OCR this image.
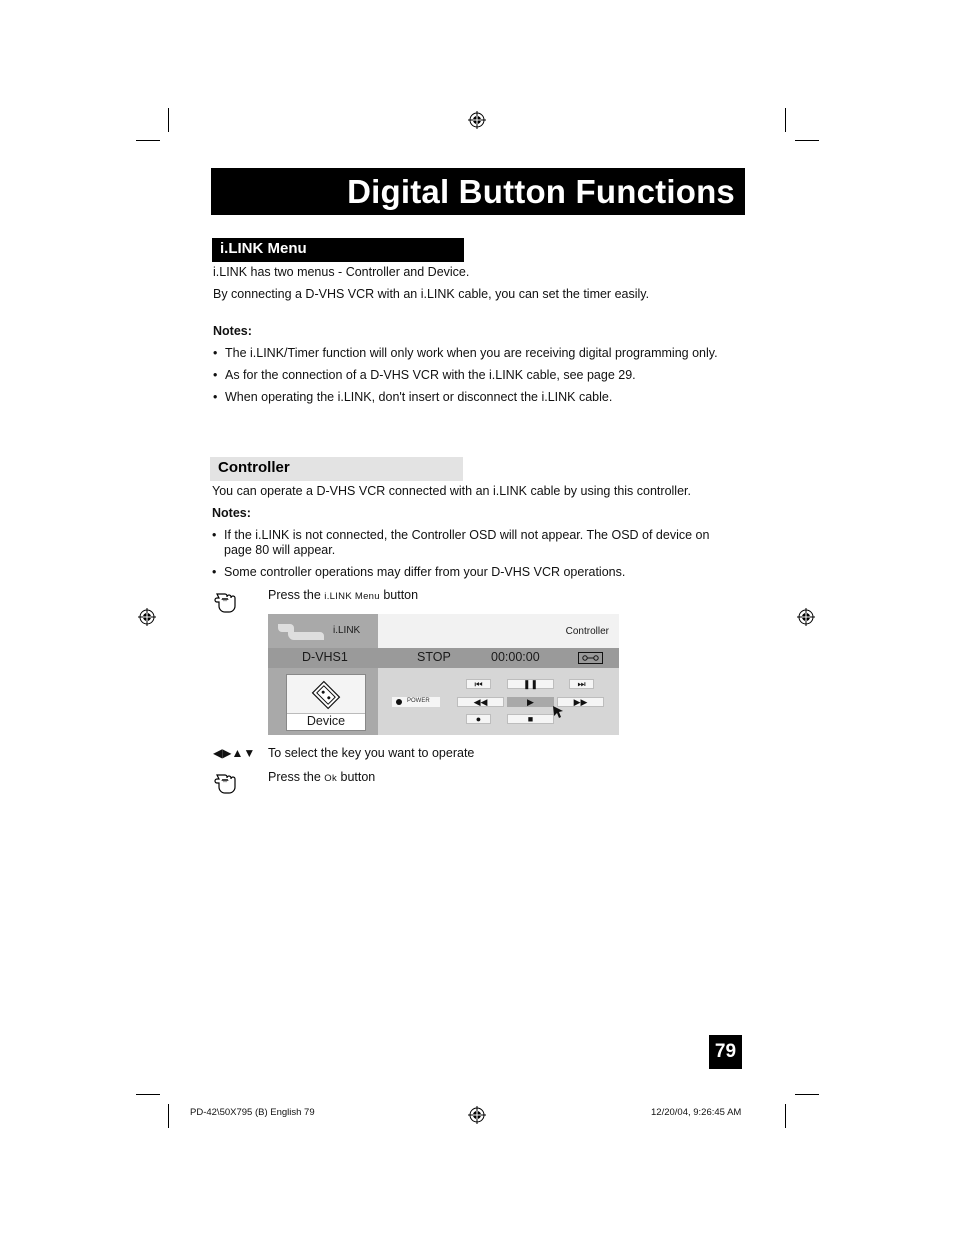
Digital Button Functions
i.LINK Menu
i.LINK has two menus - Controller and Device.
By connecting a D-VHS VCR with an i.LINK cable, you can set the timer easily.
Notes:
• The i.LINK/Timer function will only work when you are receiving digital programming only.
• As for the connection of a D-VHS VCR with the i.LINK cable, see page 29.
• When operating the i.LINK, don't insert or disconnect the i.LINK cable.
Controller
You can operate a D-VHS VCR connected with an i.LINK cable by using this controller.
Notes:
• If the i.LINK is not connected, the Controller OSD will not appear. The OSD of device on
page 80 will appear.
• Some controller operations may differ from your D-VHS VCR operations.
Press the i.LINK Menu button
i.LINK	Controller
D-VHS1	STOP	00:00:00
Device
POWER
⏮	❚❚	⏭
◀◀	▶	▶▶
●	■
◀▶▲▼ To select the key you want to operate
Press the Ok button
79
PD-42\50X795 (B) English 79	12/20/04, 9:26:45 AM
